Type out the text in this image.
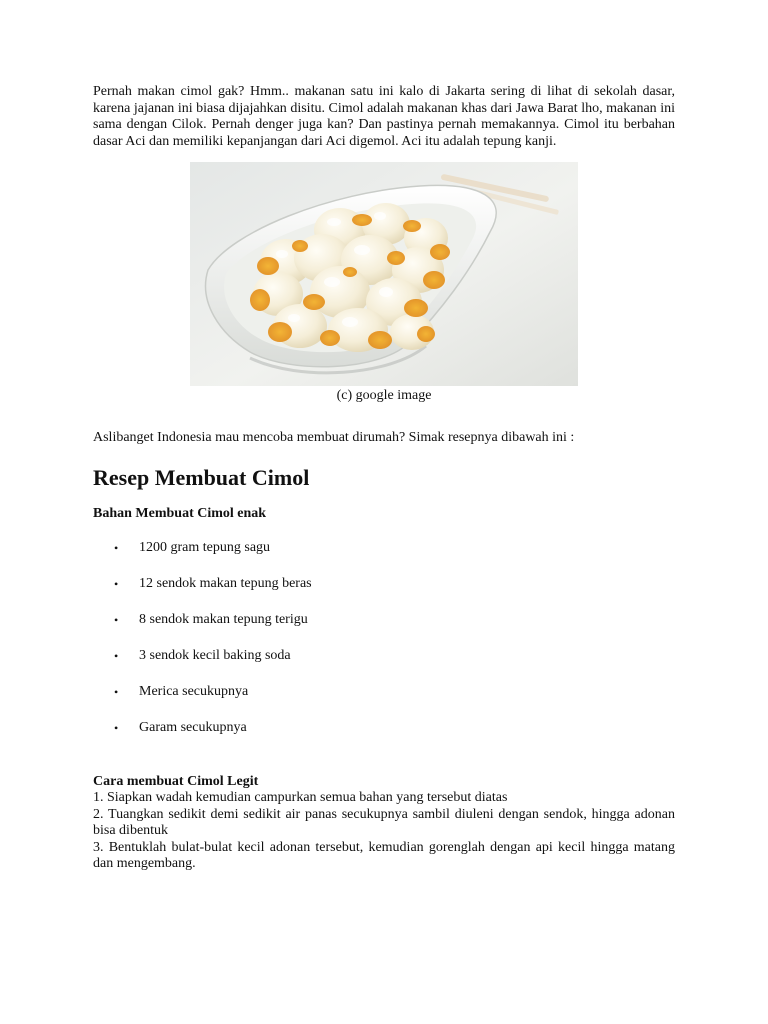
Pernah makan cimol gak? Hmm.. makanan satu ini kalo di Jakarta sering di lihat di sekolah dasar, karena jajanan ini biasa dijajahkan disitu. Cimol adalah makanan khas dari Jawa Barat lho, makanan ini sama dengan Cilok. Pernah denger juga kan? Dan pastinya pernah memakannya. Cimol itu berbahan dasar Aci dan memiliki kepanjangan dari Aci digemol. Aci itu adalah tepung kanji.

(c) google image

Aslibanget Indonesia mau mencoba membuat dirumah? Simak resepnya dibawah ini :

Resep Membuat Cimol
Bahan Membuat Cimol enak
• 1200 gram tepung sagu
• 12 sendok makan tepung beras
• 8 sendok makan tepung terigu
• 3 sendok kecil baking soda
• Merica secukupnya
• Garam secukupnya
Cara membuat Cimol Legit

1. Siapkan wadah kemudian campurkan semua bahan yang tersebut diatas

2. Tuangkan sedikit demi sedikit air panas secukupnya sambil diuleni dengan sendok, hingga adonan bisa dibentuk

3. Bentuklah bulat-bulat kecil adonan tersebut, kemudian gorenglah dengan api kecil hingga matang dan mengembang.
